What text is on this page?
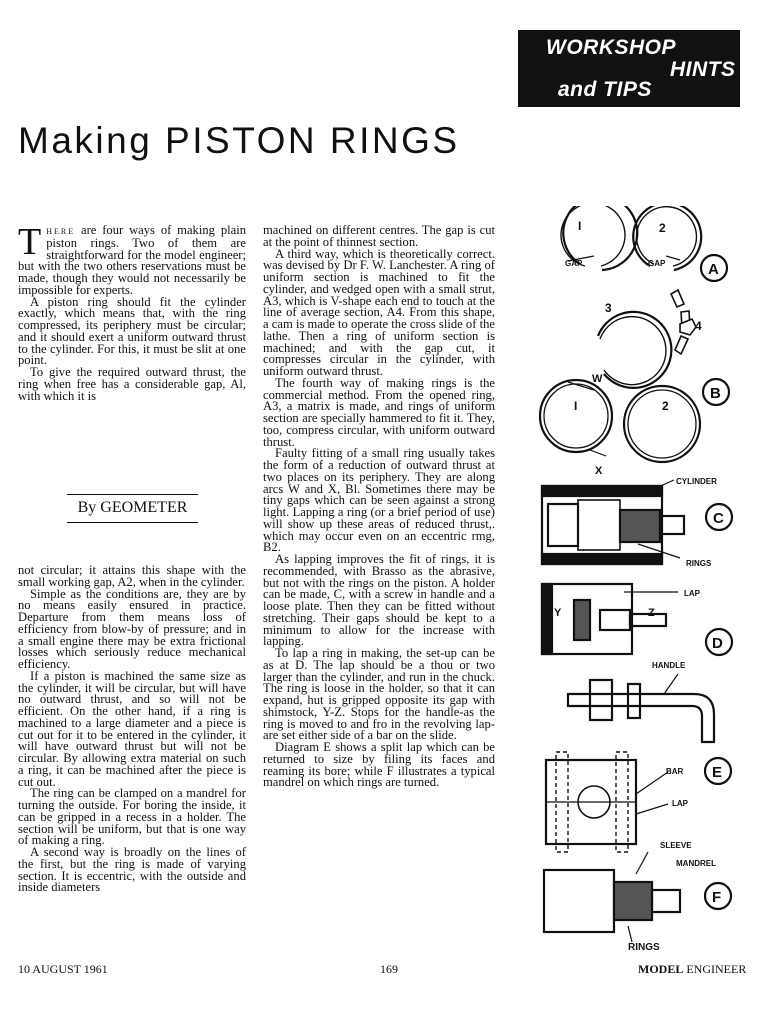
WORKSHOP
HINTS
and TIPS
Making PISTON RINGS

There are four ways of making plain piston rings. Two of them are straightforward for the model engineer; but with the two others reservations must be made, though they would not necessarily be impossible for experts.

A piston ring should fit the cylinder exactly, which means that, with the ring compressed, its periphery must be circular; and it should exert a uniform outward thrust to the cylinder. For this, it must be slit at one point.

To give the required outward thrust, the ring when free has a considerable gap, Al, with which it is

By GEOMETER

not circular; it attains this shape with the small working gap, A2, when in the cylinder.

Simple as the conditions are, they are by no means easily ensured in practice. Departure from them means loss of efficiency from blow-by of pressure; and in a small engine there may be extra frictional losses which seriously reduce mechanical efficiency.

If a piston is machined the same size as the cylinder, it will be circular, but will have no outward thrust, and so will not be efficient. On the other hand, if a ring is machined to a large diameter and a piece is cut out for it to be entered in the cylinder, it will have outward thrust but will not be circular. By allowing extra material on such a ring, it can be machined after the piece is cut out.

The ring can be clamped on a mandrel for turning the outside. For boring the inside, it can be gripped in a recess in a holder. The section will be uniform, but that is one way of making a ring.

A second way is broadly on the lines of the first, but the ring is made of varying section. It is eccentric, with the outside and inside diameters

machined on different centres. The gap is cut at the point of thinnest section.

A third way, which is theoretically correct. was devised by Dr F. W. Lanchester. A ring of uniform section is machined to fit the cylinder, and wedged open with a small strut, A3, which is V-shape each end to touch at the line of average section, A4. From this shape, a cam is made to operate the cross slide of the lathe. Then a ring of uniform section is machined; and with the gap cut, it compresses circular in the cylinder, with uniform outward thrust.

The fourth way of making rings is the commercial method. From the opened ring, A3, a matrix is made, and rings of uniform section are specially hammered to fit it. They, too, compress circular, with uniform outward thrust.

Faulty fitting of a small ring usually takes the form of a reduction of outward thrust at two places on its periphery. They are along arcs W and X, Bl. Sometimes there may be tiny gaps which can be seen against a strong light. Lapping a ring (or a brief period of use) will show up these areas of reduced thrust,. which may occur even on an eccentric rmg, B2.

As lapping improves the fit of rings, it is recommended, with Brasso as the abrasive, but not with the rings on the piston. A holder can be made, C, with a screw in handle and a loose plate. Then they can be fitted without stretching. Their gaps should be kept to a minimum to allow for the increase with lapping.

To lap a ring in making, the set-up can be as at D. The lap should be a thou or two larger than the cylinder, and run in the chuck. The ring is loose in the holder, so that it can expand, hut is gripped opposite its gap with shimstock, Y-Z. Stops for the handle-as the ring is moved to and fro in the revolving lap-are set either side of a bar on the slide.

Diagram E shows a split lap which can be returned to size by filing its faces and reaming its bore; while F illustrates a typical mandrel on which rings are turned.

I	2
3
4
GAP	GAP	A
W
X
I	2
B
CYLINDER
RINGS
C
LAP
Y	Z
D
HANDLE
BAR
LAP
E
SLEEVE
MANDREL
RINGS
F
10 AUGUST 1961	169	MODEL ENGINEER
